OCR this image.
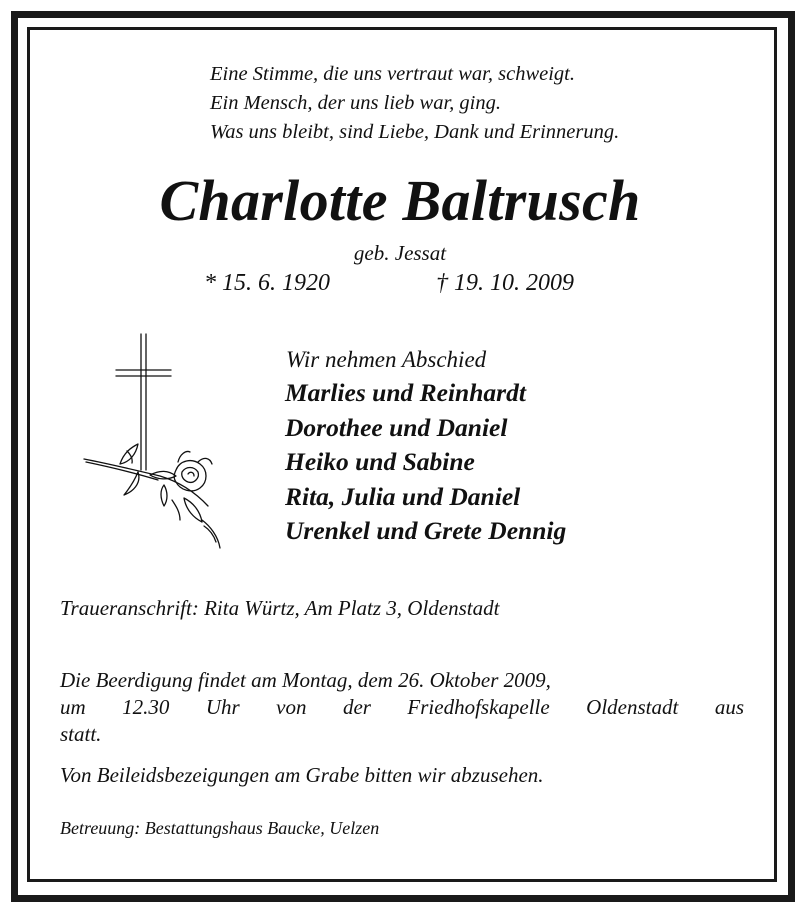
Eine Stimme, die uns vertraut war, schweigt.
Ein Mensch, der uns lieb war, ging.
Was uns bleibt, sind Liebe, Dank und Erinnerung.
Charlotte Baltrusch
geb. Jessat
* 15. 6. 1920	† 19. 10. 2009
Wir nehmen Abschied
Marlies und Reinhardt
Dorothee und Daniel
Heiko und Sabine
Rita, Julia und Daniel
Urenkel und Grete Dennig
Traueranschrift: Rita Würtz, Am Platz 3, Oldenstadt
Die Beerdigung findet am Montag, dem 26. Oktober 2009,
um 12.30 Uhr von der Friedhofskapelle Oldenstadt aus
statt.
Von Beileidsbezeigungen am Grabe bitten wir abzusehen.
Betreuung: Bestattungshaus Baucke, Uelzen
